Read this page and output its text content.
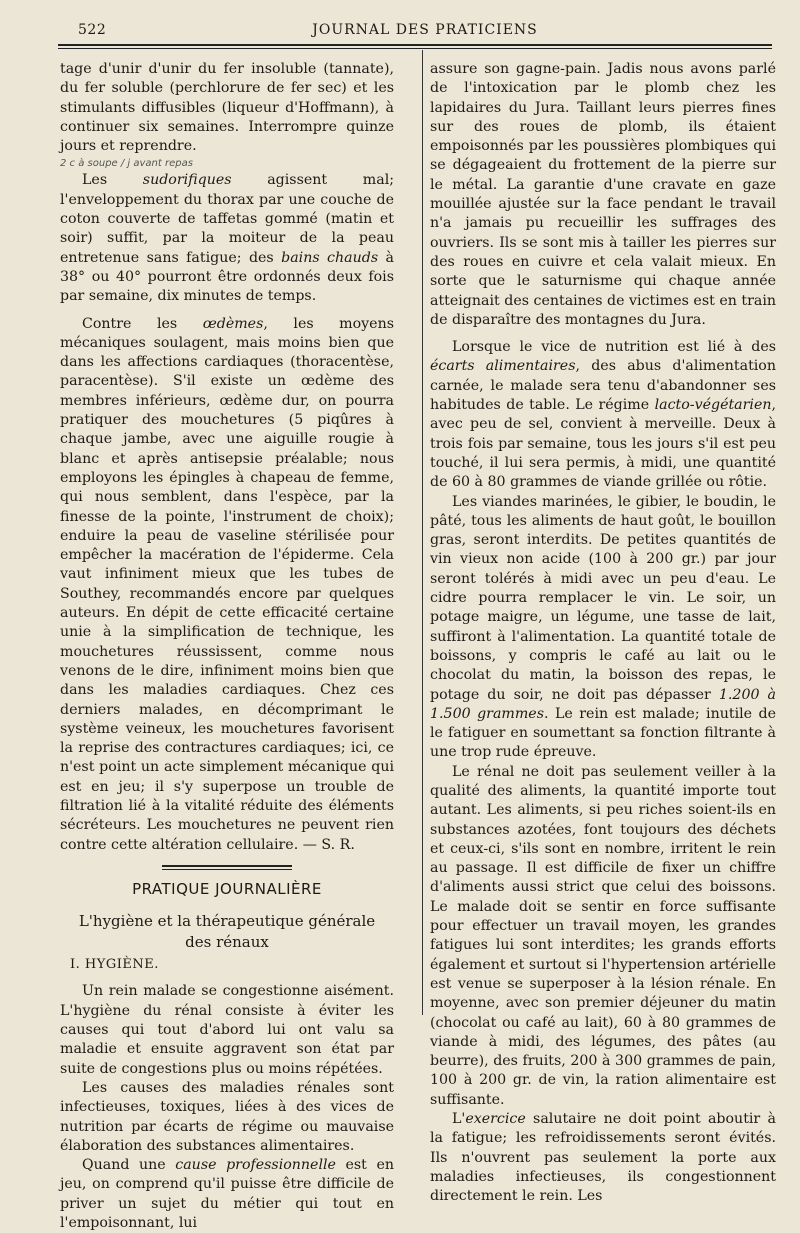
522	JOURNAL DES PRATICIENS

tage d'unir d'unir du fer insoluble (tannate), du fer soluble (perchlorure de fer sec) et les stimulants diffusibles (liqueur d'Hoffmann), à continuer six semaines. Interrompre quinze jours et reprendre.

2 c à soupe / j avant repas

Les sudorifiques agissent mal; l'enveloppement du thorax par une couche de coton couverte de taffetas gommé (matin et soir) suffit, par la moiteur de la peau entretenue sans fatigue; des bains chauds à 38° ou 40° pourront être ordonnés deux fois par semaine, dix minutes de temps.

Contre les œdèmes, les moyens mécaniques soulagent, mais moins bien que dans les affections cardiaques (thoracentèse, paracentèse). S'il existe un œdème des membres inférieurs, œdème dur, on pourra pratiquer des mouchetures (5 piqûres à chaque jambe, avec une aiguille rougie à blanc et après antisepsie préalable; nous employons les épingles à chapeau de femme, qui nous semblent, dans l'espèce, par la finesse de la pointe, l'instrument de choix); enduire la peau de vaseline stérilisée pour empêcher la macération de l'épiderme. Cela vaut infiniment mieux que les tubes de Southey, recommandés encore par quelques auteurs. En dépit de cette efficacité certaine unie à la simplification de technique, les mouchetures réussissent, comme nous venons de le dire, infiniment moins bien que dans les maladies cardiaques. Chez ces derniers malades, en décomprimant le système veineux, les mouchetures favorisent la reprise des contractures cardiaques; ici, ce n'est point un acte simplement mécanique qui est en jeu; il s'y superpose un trouble de filtration lié à la vitalité réduite des éléments sécréteurs. Les mouchetures ne peuvent rien contre cette altération cellulaire. — S. R.

PRATIQUE JOURNALIÈRE

L'hygiène et la thérapeutique générale
des rénaux

I. HYGIÈNE.

Un rein malade se congestionne aisément. L'hygiène du rénal consiste à éviter les causes qui tout d'abord lui ont valu sa maladie et ensuite aggravent son état par suite de congestions plus ou moins répétées.

Les causes des maladies rénales sont infectieuses, toxiques, liées à des vices de nutrition par écarts de régime ou mauvaise élaboration des substances alimentaires.

Quand une cause professionnelle est en jeu, on comprend qu'il puisse être difficile de priver un sujet du métier qui tout en l'empoisonnant, lui

assure son gagne-pain. Jadis nous avons parlé de l'intoxication par le plomb chez les lapidaires du Jura. Taillant leurs pierres fines sur des roues de plomb, ils étaient empoisonnés par les poussières plombiques qui se dégageaient du frottement de la pierre sur le métal. La garantie d'une cravate en gaze mouillée ajustée sur la face pendant le travail n'a jamais pu recueillir les suffrages des ouvriers. Ils se sont mis à tailler les pierres sur des roues en cuivre et cela valait mieux. En sorte que le saturnisme qui chaque année atteignait des centaines de victimes est en train de disparaître des montagnes du Jura.

Lorsque le vice de nutrition est lié à des écarts alimentaires, des abus d'alimentation carnée, le malade sera tenu d'abandonner ses habitudes de table. Le régime lacto-végétarien, avec peu de sel, convient à merveille. Deux à trois fois par semaine, tous les jours s'il est peu touché, il lui sera permis, à midi, une quantité de 60 à 80 grammes de viande grillée ou rôtie.

Les viandes marinées, le gibier, le boudin, le pâté, tous les aliments de haut goût, le bouillon gras, seront interdits. De petites quantités de vin vieux non acide (100 à 200 gr.) par jour seront tolérés à midi avec un peu d'eau. Le cidre pourra remplacer le vin. Le soir, un potage maigre, un légume, une tasse de lait, suffiront à l'alimentation. La quantité totale de boissons, y compris le café au lait ou le chocolat du matin, la boisson des repas, le potage du soir, ne doit pas dépasser 1.200 à 1.500 grammes. Le rein est malade; inutile de le fatiguer en soumettant sa fonction filtrante à une trop rude épreuve.

Le rénal ne doit pas seulement veiller à la qualité des aliments, la quantité importe tout autant. Les aliments, si peu riches soient-ils en substances azotées, font toujours des déchets et ceux-ci, s'ils sont en nombre, irritent le rein au passage. Il est difficile de fixer un chiffre d'aliments aussi strict que celui des boissons. Le malade doit se sentir en force suffisante pour effectuer un travail moyen, les grandes fatigues lui sont interdites; les grands efforts également et surtout si l'hypertension artérielle est venue se superposer à la lésion rénale. En moyenne, avec son premier déjeuner du matin (chocolat ou café au lait), 60 à 80 grammes de viande à midi, des légumes, des pâtes (au beurre), des fruits, 200 à 300 grammes de pain, 100 à 200 gr. de vin, la ration alimentaire est suffisante.

L'exercice salutaire ne doit point aboutir à la fatigue; les refroidissements seront évités. Ils n'ouvrent pas seulement la porte aux maladies infectieuses, ils congestionnent directement le rein. Les
